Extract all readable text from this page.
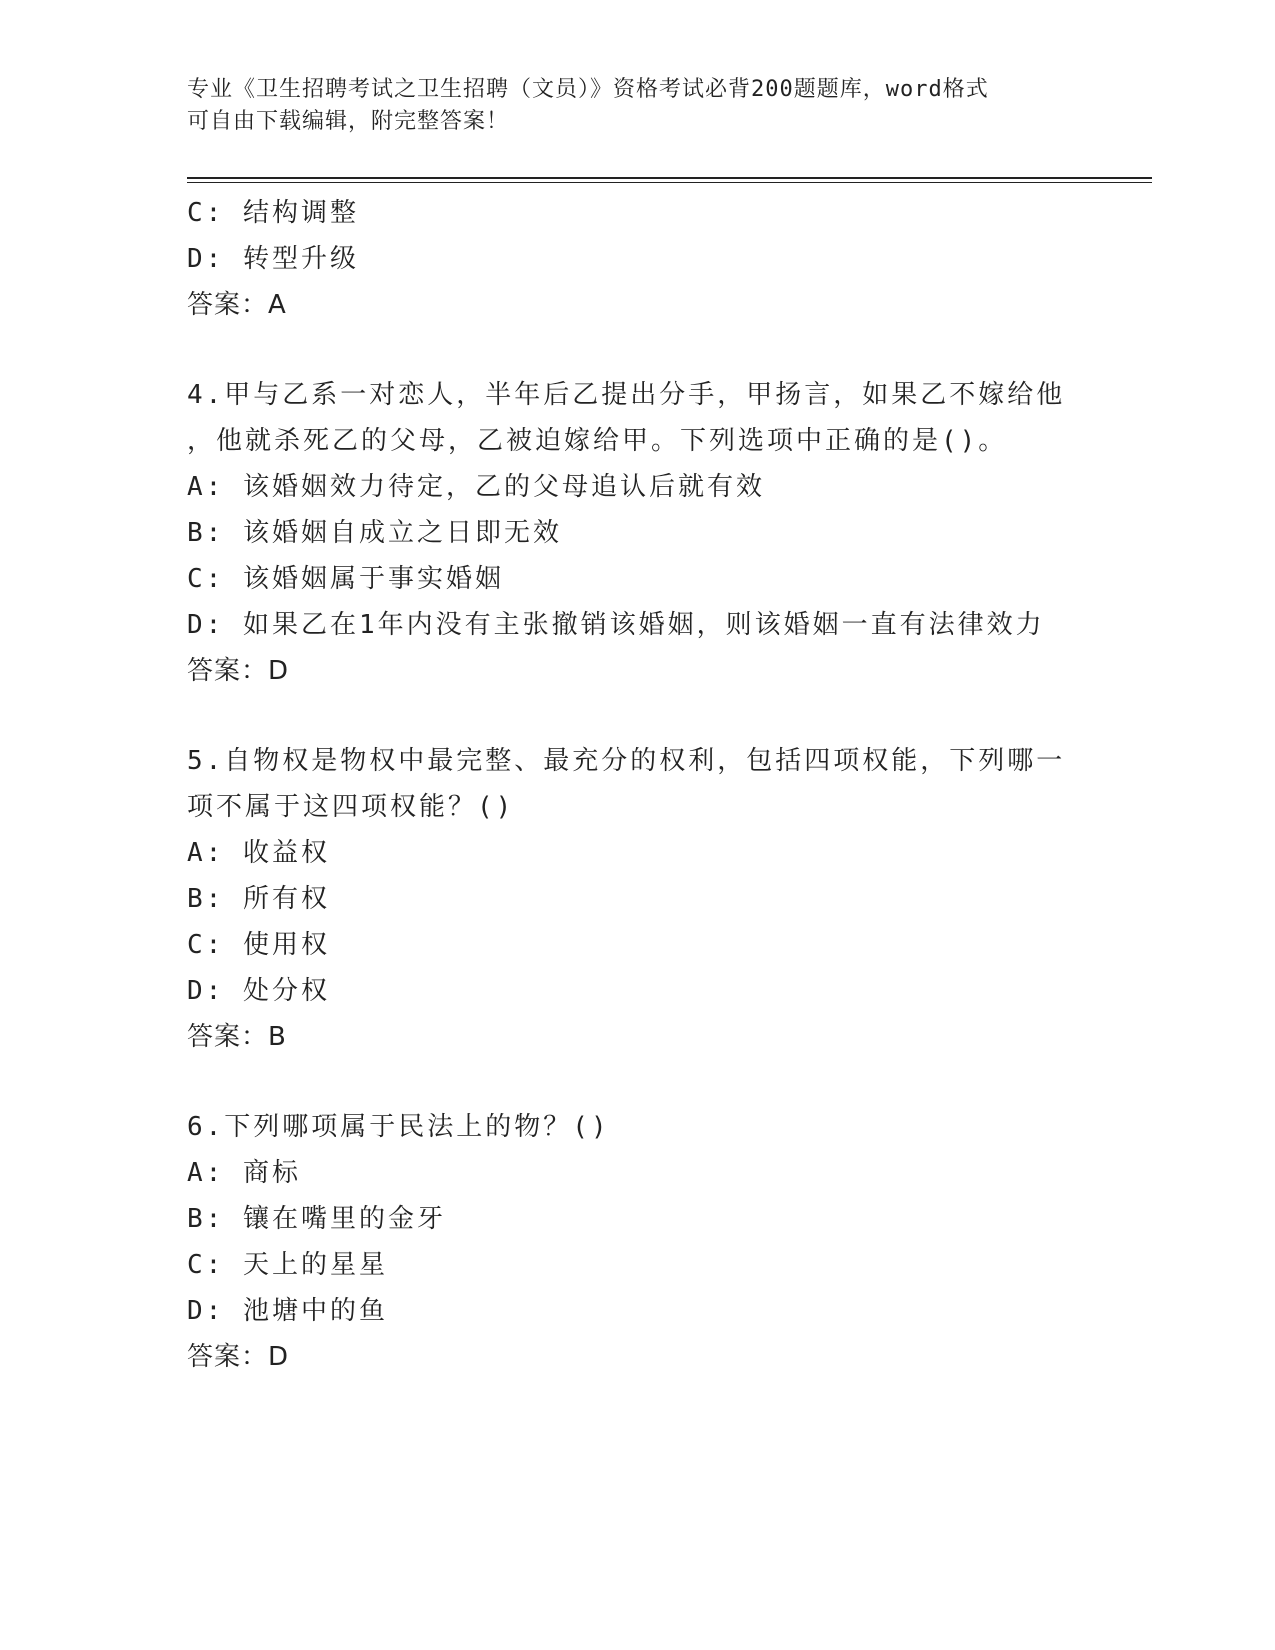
专业《卫生招聘考试之卫生招聘（文员）》资格考试必背200题题库，word格式
可自由下载编辑，附完整答案！
C: 结构调整
D: 转型升级
答案：A
4.甲与乙系一对恋人，半年后乙提出分手，甲扬言，如果乙不嫁给他
，他就杀死乙的父母，乙被迫嫁给甲。下列选项中正确的是()。
A: 该婚姻效力待定，乙的父母追认后就有效
B: 该婚姻自成立之日即无效
C: 该婚姻属于事实婚姻
D: 如果乙在1年内没有主张撤销该婚姻，则该婚姻一直有法律效力
答案：D
5.自物权是物权中最完整、最充分的权利，包括四项权能，下列哪一
项不属于这四项权能？()
A: 收益权
B: 所有权
C: 使用权
D: 处分权
答案：B
6.下列哪项属于民法上的物？()
A: 商标
B: 镶在嘴里的金牙
C: 天上的星星
D: 池塘中的鱼
答案：D
